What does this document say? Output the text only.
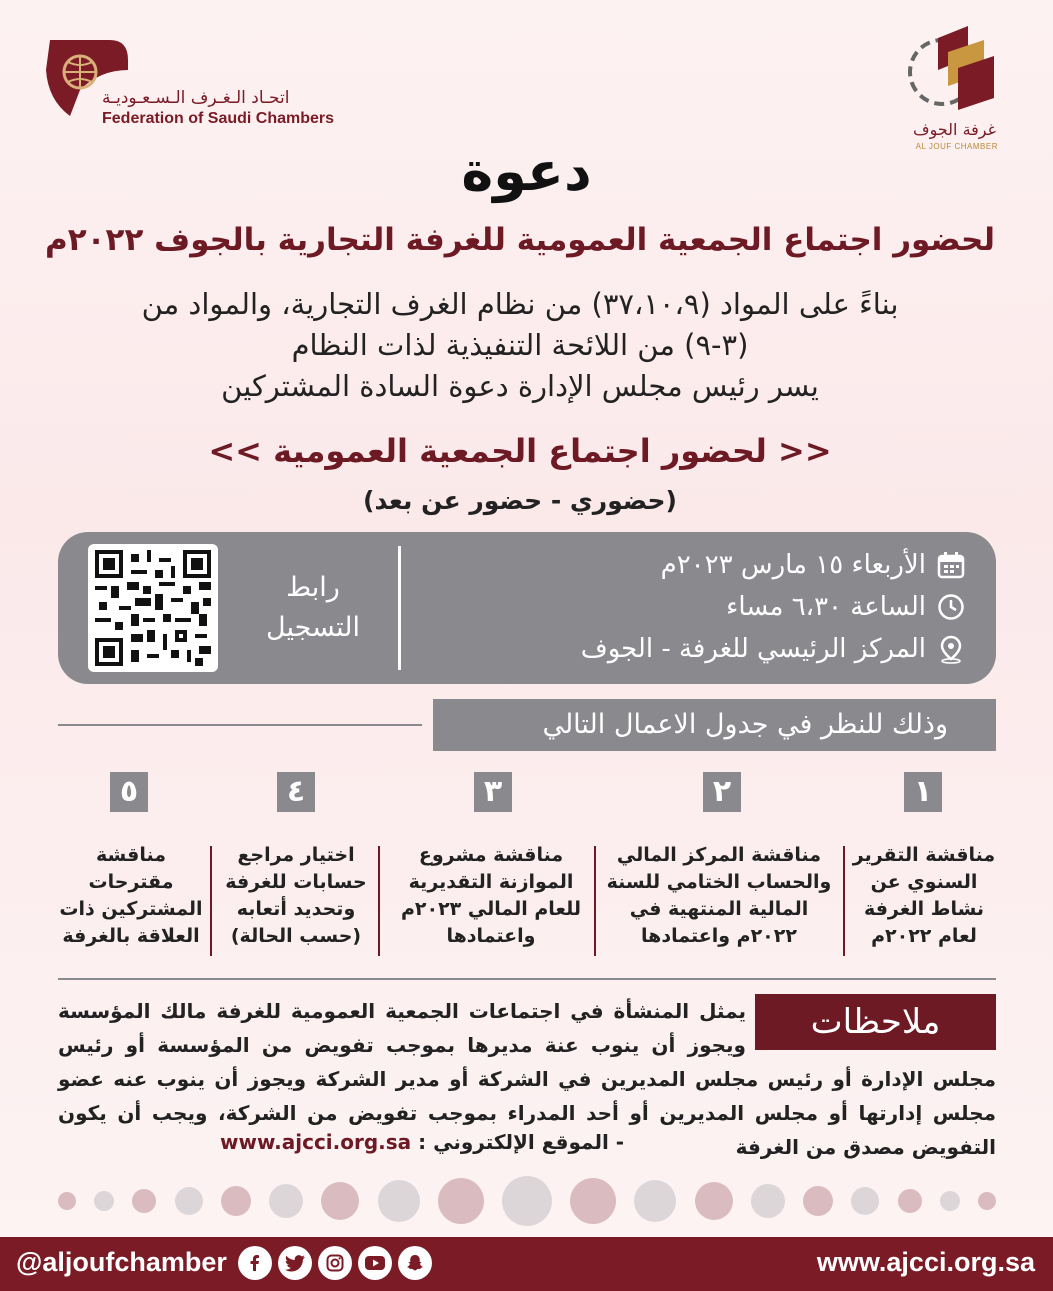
اتحـاد الـغـرف الـسـعـوديـة
Federation of Saudi Chambers
غرفة الجوف
AL JOUF CHAMBER
دعوة
لحضور اجتماع الجمعية العمومية للغرفة التجارية بالجوف ٢٠٢٢م
بناءً على المواد (٣٧،١٠،٩) من نظام الغرف التجارية، والمواد من
(٣-٩) من اللائحة التنفيذية لذات النظام
يسر رئيس مجلس الإدارة دعوة السادة المشتركين
<< لحضور اجتماع الجمعية العمومية >>
(حضوري - حضور عن بعد)
رابط
التسجيل
الأربعاء ١٥ مارس ٢٠٢٣م
الساعة ٦،٣٠ مساء
المركز الرئيسي للغرفة - الجوف
وذلك للنظر في جدول الاعمال التالي
١
٢
٣
٤
٥
مناقشة التقرير السنوي عن نشاط الغرفة لعام ٢٠٢٢م
مناقشة المركز المالي والحساب الختامي للسنة المالية المنتهية في ٢٠٢٢م واعتمادها
مناقشة مشروع الموازنة التقديرية للعام المالي ٢٠٢٣م واعتمادها
اختيار مراجع حسابات للغرفة وتحديد أتعابه (حسب الحالة)
مناقشة مقترحات المشتركين ذات العلاقة بالغرفة
يمثل المنشأة في اجتماعات الجمعية العمومية للغرفة مالك المؤسسة ويجوز أن ينوب عنة مديرها بموجب تفويض من المؤسسة أو رئيس مجلس الإدارة أو رئيس مجلس المديرين في الشركة أو مدير الشركة ويجوز أن ينوب عنه عضو مجلس إدارتها أو مجلس المديرين أو أحد المدراء بموجب تفويض من الشركة، ويجب أن يكون التفويض مصدق من الغرفة
ملاحظات
- الموقع الإلكتروني : www.ajcci.org.sa
@aljoufchamber	www.ajcci.org.sa
